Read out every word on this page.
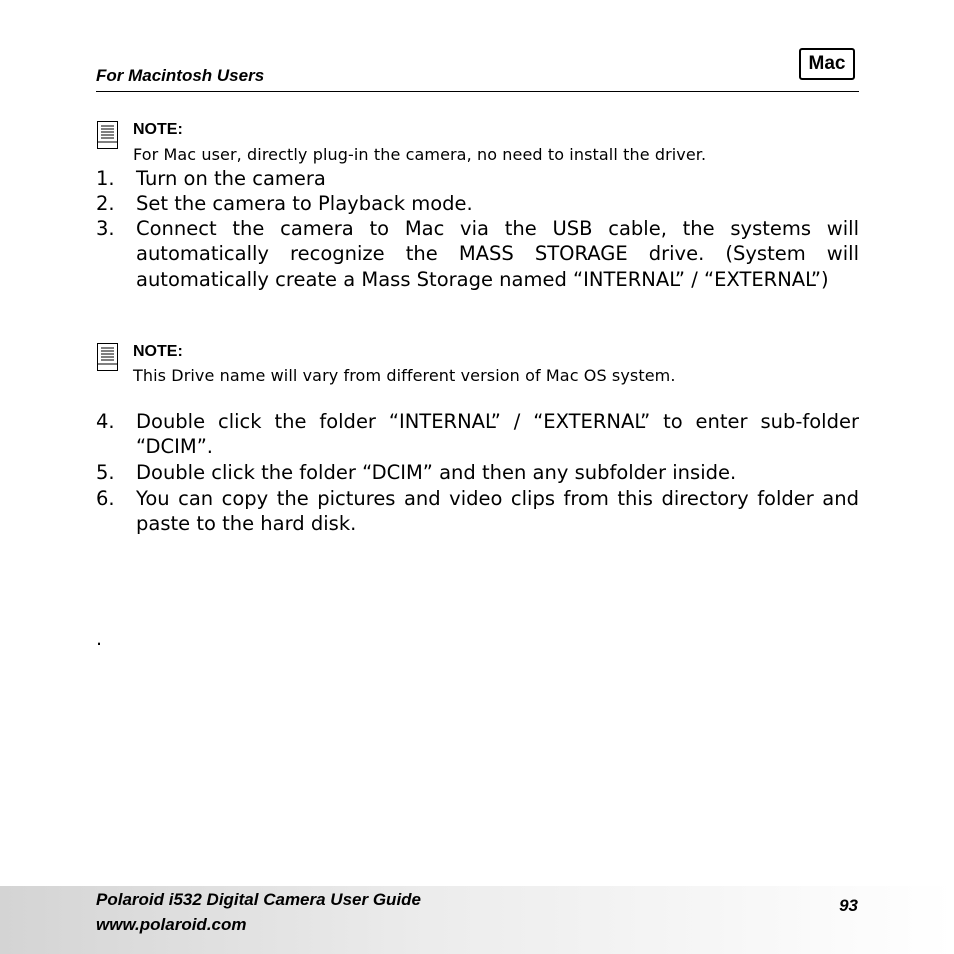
For Macintosh Users
Mac
NOTE:
For Mac user, directly plug-in the camera, no need to install the driver.
1.	Turn on the camera
2.	Set the camera to Playback mode.
3.	Connect the camera to Mac via the USB cable, the systems will automatically recognize the MASS STORAGE drive. (System will automatically create a Mass Storage named “INTERNAL” / “EXTERNAL”)
NOTE:
This Drive name will vary from different version of Mac OS system.
4.	Double click the folder “INTERNAL” / “EXTERNAL” to enter sub-folder “DCIM”.
5.	Double click the folder “DCIM” and then any subfolder inside.
6.	You can copy the pictures and video clips from this directory folder and paste to the hard disk.
.
Polaroid i532 Digital Camera User Guide
www.polaroid.com
93
